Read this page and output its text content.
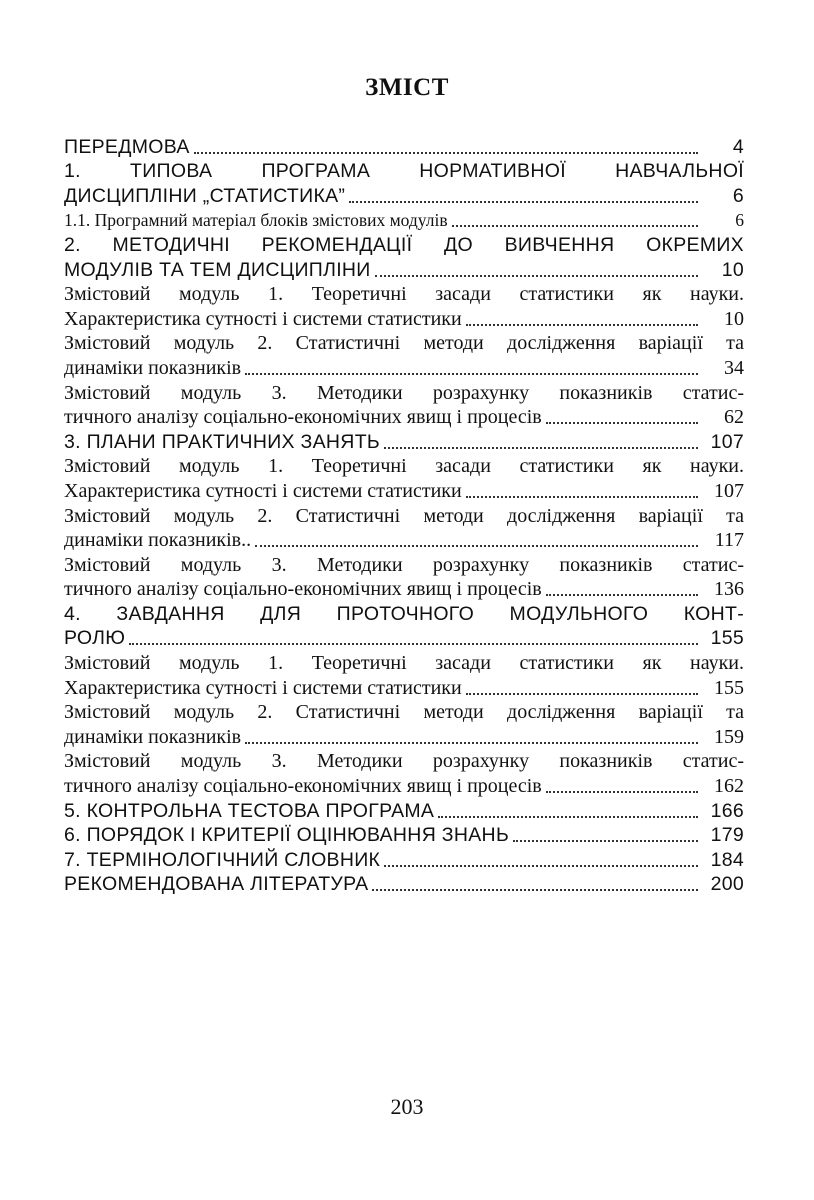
ЗМІСТ
ПЕРЕДМОВА	4
1. ТИПОВА ПРОГРАМА НОРМАТИВНОЇ НАВЧАЛЬНОЇ
ДИСЦИПЛІНИ „СТАТИСТИКА”	6
1.1. Програмний матеріал блоків змістових модулів	6
2. МЕТОДИЧНІ РЕКОМЕНДАЦІЇ ДО ВИВЧЕННЯ ОКРЕМИХ
МОДУЛІВ ТА ТЕМ ДИСЦИПЛІНИ	10
Змістовий модуль 1. Теоретичні засади статистики як науки.
Характеристика сутності і системи статистики	10
Змістовий модуль 2. Статистичні методи дослідження варіації та
динаміки показників	34
Змістовий модуль 3. Методики розрахунку показників статис-
тичного аналізу соціально-економічних явищ і процесів	62
3. ПЛАНИ ПРАКТИЧНИХ ЗАНЯТЬ	107
Змістовий модуль 1. Теоретичні засади статистики як науки.
Характеристика сутності і системи статистики	107
Змістовий модуль 2. Статистичні методи дослідження варіації та
динаміки показників..	117
Змістовий модуль 3. Методики розрахунку показників статис-
тичного аналізу соціально-економічних явищ і процесів	136
4. ЗАВДАННЯ ДЛЯ ПРОТОЧНОГО МОДУЛЬНОГО КОНТ-
РОЛЮ	155
Змістовий модуль 1. Теоретичні засади статистики як науки.
Характеристика сутності і системи статистики	155
Змістовий модуль 2. Статистичні методи дослідження варіації та
динаміки показників	159
Змістовий модуль 3. Методики розрахунку показників статис-
тичного аналізу соціально-економічних явищ і процесів	162
5. КОНТРОЛЬНА ТЕСТОВА ПРОГРАМА	166
6. ПОРЯДОК І КРИТЕРІЇ ОЦІНЮВАННЯ ЗНАНЬ	179
7. ТЕРМІНОЛОГІЧНИЙ СЛОВНИК	184
РЕКОМЕНДОВАНА ЛІТЕРАТУРА	200
203
